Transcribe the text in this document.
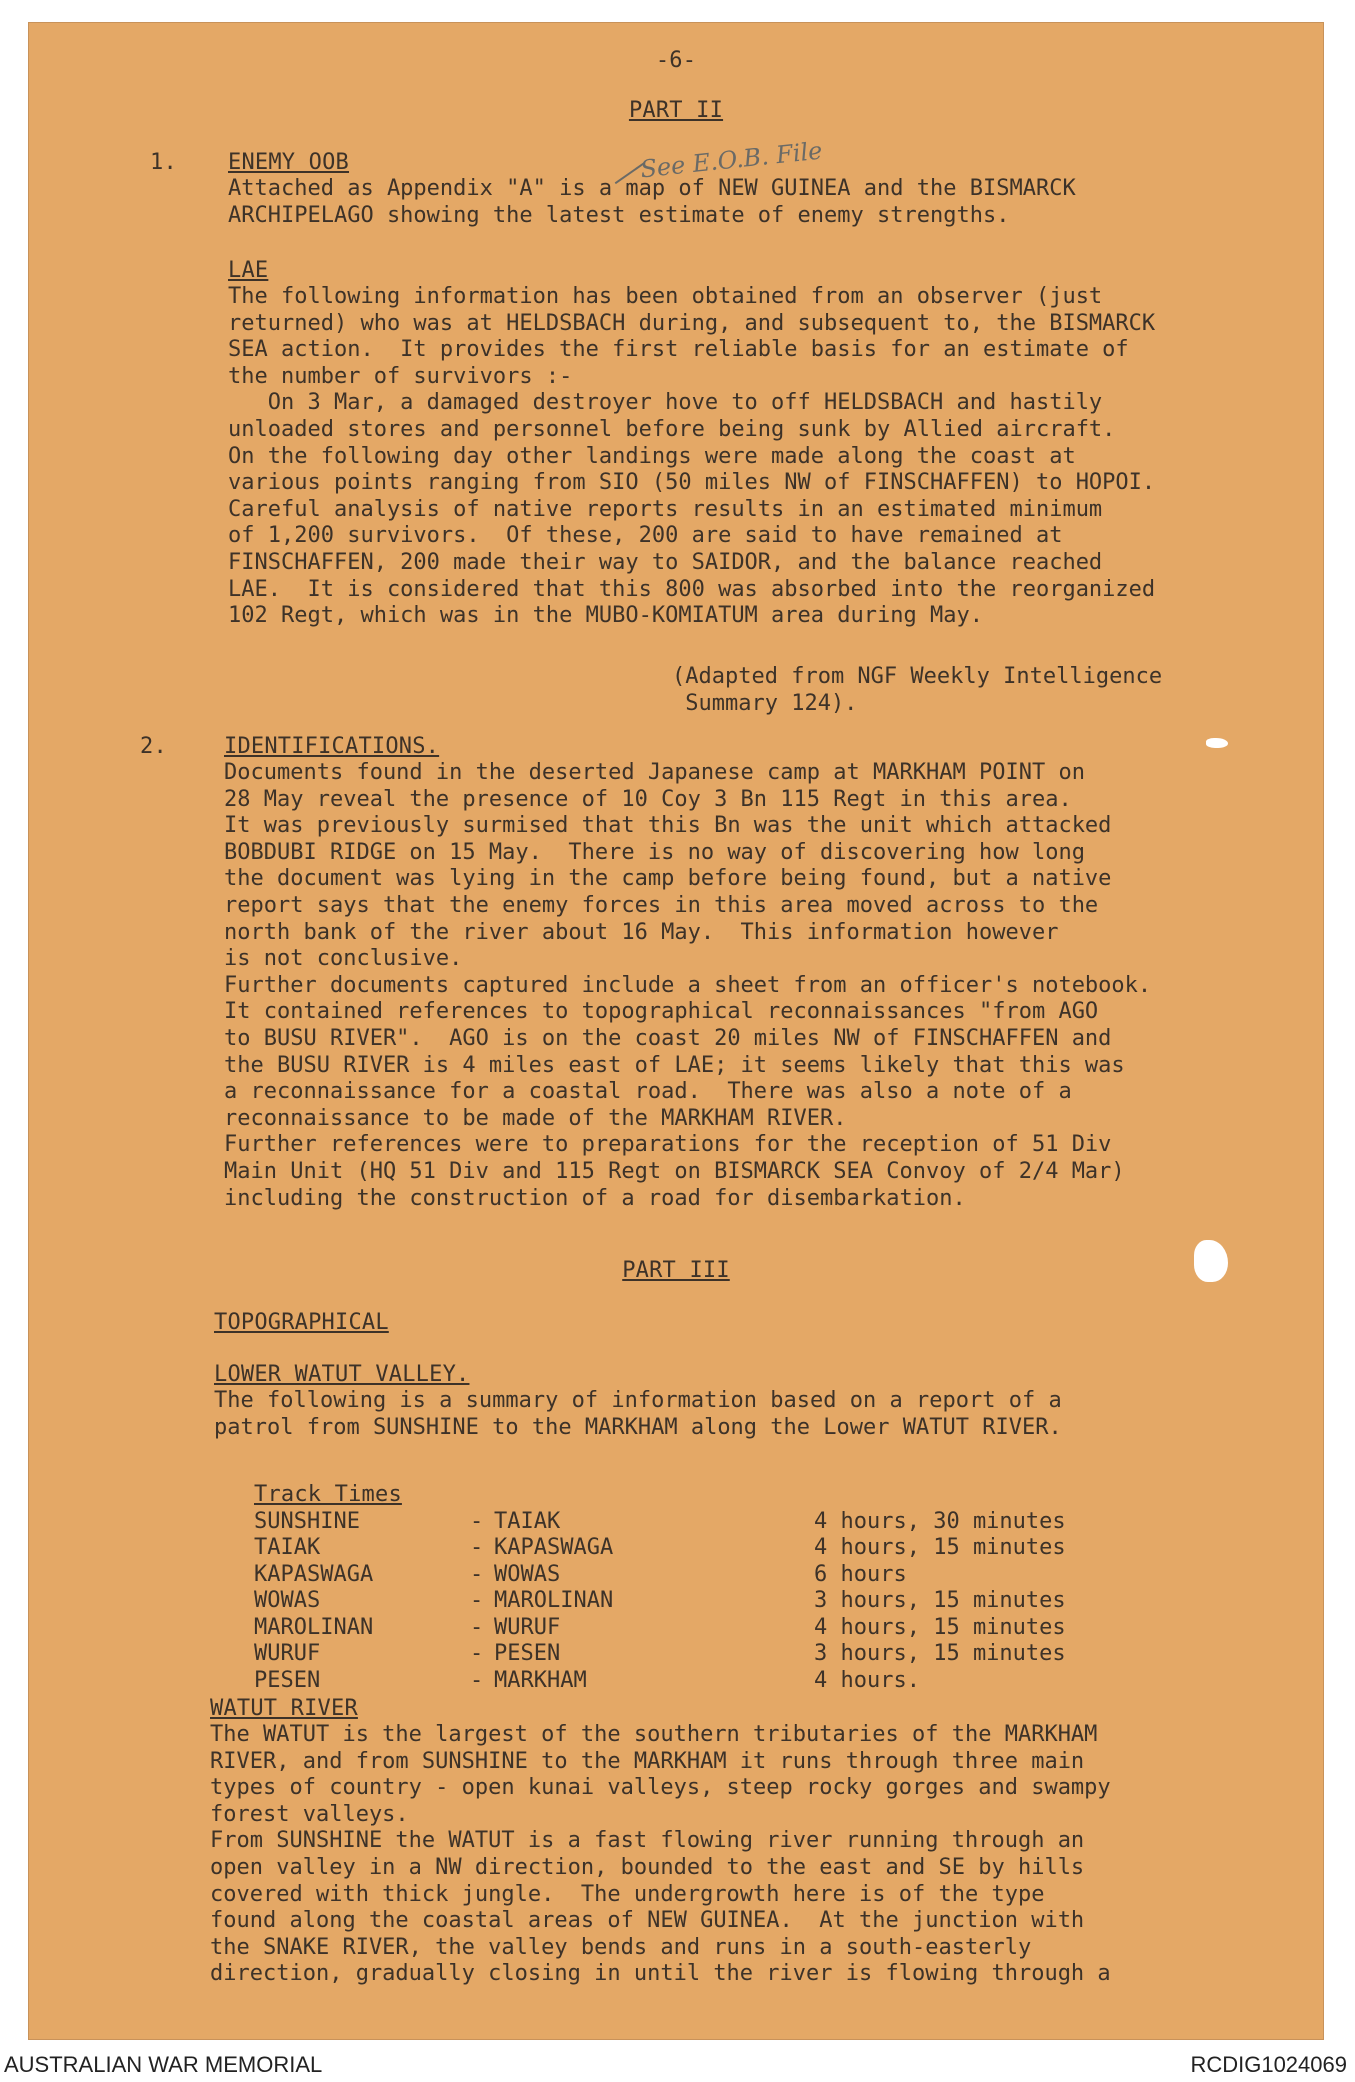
-6-
PART II
1. ENEMY OOB	See E.O.B. File
Attached as Appendix "A" is a map of NEW GUINEA and the BISMARCK
ARCHIPELAGO showing the latest estimate of enemy strengths.
LAE
The following information has been obtained from an observer (just
returned) who was at HELDSBACH during, and subsequent to, the BISMARCK
SEA action.  It provides the first reliable basis for an estimate of
the number of survivors :-
On 3 Mar, a damaged destroyer hove to off HELDSBACH and hastily
unloaded stores and personnel before being sunk by Allied aircraft.
On the following day other landings were made along the coast at
various points ranging from SIO (50 miles NW of FINSCHAFFEN) to HOPOI.
Careful analysis of native reports results in an estimated minimum
of 1,200 survivors.  Of these, 200 are said to have remained at
FINSCHAFFEN, 200 made their way to SAIDOR, and the balance reached
LAE.  It is considered that this 800 was absorbed into the reorganized
102 Regt, which was in the MUBO-KOMIATUM area during May.
(Adapted from NGF Weekly Intelligence
Summary 124).
2.	IDENTIFICATIONS.
Documents found in the deserted Japanese camp at MARKHAM POINT on
28 May reveal the presence of 10 Coy 3 Bn 115 Regt in this area.
It was previously surmised that this Bn was the unit which attacked
BOBDUBI RIDGE on 15 May.  There is no way of discovering how long
the document was lying in the camp before being found, but a native
report says that the enemy forces in this area moved across to the
north bank of the river about 16 May.  This information however
is not conclusive.
Further documents captured include a sheet from an officer's notebook.
It contained references to topographical reconnaissances "from AGO
to BUSU RIVER".  AGO is on the coast 20 miles NW of FINSCHAFFEN and
the BUSU RIVER is 4 miles east of LAE; it seems likely that this was
a reconnaissance for a coastal road.  There was also a note of a
reconnaissance to be made of the MARKHAM RIVER.
Further references were to preparations for the reception of 51 Div
Main Unit (HQ 51 Div and 115 Regt on BISMARCK SEA Convoy of 2/4 Mar)
including the construction of a road for disembarkation.
PART III
TOPOGRAPHICAL
LOWER WATUT VALLEY.
The following is a summary of information based on a report of a
patrol from SUNSHINE to the MARKHAM along the Lower WATUT RIVER.
Track Times
SUNSHINE	-	TAIAK	4 hours, 30 minutes
TAIAK	-	KAPASWAGA	4 hours, 15 minutes
KAPASWAGA	-	WOWAS	6 hours
WOWAS	-	MAROLINAN	3 hours, 15 minutes
MAROLINAN	-	WURUF	4 hours, 15 minutes
WURUF	-	PESEN	3 hours, 15 minutes
PESEN	-	MARKHAM	4 hours.
WATUT RIVER
The WATUT is the largest of the southern tributaries of the MARKHAM
RIVER, and from SUNSHINE to the MARKHAM it runs through three main
types of country - open kunai valleys, steep rocky gorges and swampy
forest valleys.
From SUNSHINE the WATUT is a fast flowing river running through an
open valley in a NW direction, bounded to the east and SE by hills
covered with thick jungle.  The undergrowth here is of the type
found along the coastal areas of NEW GUINEA.  At the junction with
the SNAKE RIVER, the valley bends and runs in a south-easterly
direction, gradually closing in until the river is flowing through a
AUSTRALIAN WAR MEMORIAL	RCDIG1024069
